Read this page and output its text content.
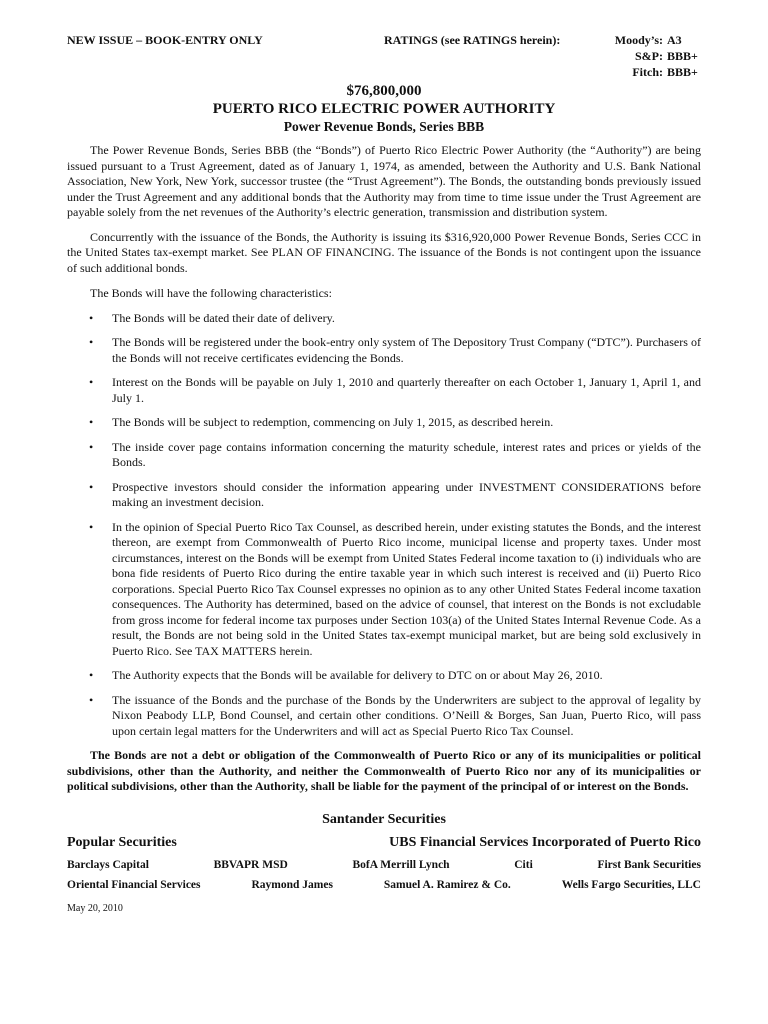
NEW ISSUE – BOOK-ENTRY ONLY	RATINGS (see RATINGS herein):	Moody’s: A3
S&P: BBB+
Fitch: BBB+
$76,800,000
PUERTO RICO ELECTRIC POWER AUTHORITY
Power Revenue Bonds, Series BBB

The Power Revenue Bonds, Series BBB (the “Bonds”) of Puerto Rico Electric Power Authority (the “Authority”) are being issued pursuant to a Trust Agreement, dated as of January 1, 1974, as amended, between the Authority and U.S. Bank National Association, New York, New York, successor trustee (the “Trust Agreement”). The Bonds, the outstanding bonds previously issued under the Trust Agreement and any additional bonds that the Authority may from time to time issue under the Trust Agreement are payable solely from the net revenues of the Authority’s electric generation, transmission and distribution system.

Concurrently with the issuance of the Bonds, the Authority is issuing its $316,920,000 Power Revenue Bonds, Series CCC in the United States tax-exempt market. See PLAN OF FINANCING. The issuance of the Bonds is not contingent upon the issuance of such additional bonds.

The Bonds will have the following characteristics:

• The Bonds will be dated their date of delivery.
• The Bonds will be registered under the book-entry only system of The Depository Trust Company (“DTC”). Purchasers of the Bonds will not receive certificates evidencing the Bonds.
• Interest on the Bonds will be payable on July 1, 2010 and quarterly thereafter on each October 1, January 1, April 1, and July 1.
• The Bonds will be subject to redemption, commencing on July 1, 2015, as described herein.
• The inside cover page contains information concerning the maturity schedule, interest rates and prices or yields of the Bonds.
• Prospective investors should consider the information appearing under INVESTMENT CONSIDERATIONS before making an investment decision.
• In the opinion of Special Puerto Rico Tax Counsel, as described herein, under existing statutes the Bonds, and the interest thereon, are exempt from Commonwealth of Puerto Rico income, municipal license and property taxes. Under most circumstances, interest on the Bonds will be exempt from United States Federal income taxation to (i) individuals who are bona fide residents of Puerto Rico during the entire taxable year in which such interest is received and (ii) Puerto Rico corporations. Special Puerto Rico Tax Counsel expresses no opinion as to any other United States Federal income taxation consequences. The Authority has determined, based on the advice of counsel, that interest on the Bonds is not excludable from gross income for federal income tax purposes under Section 103(a) of the United States Internal Revenue Code. As a result, the Bonds are not being sold in the United States tax-exempt municipal market, but are being sold exclusively in Puerto Rico. See TAX MATTERS herein.
• The Authority expects that the Bonds will be available for delivery to DTC on or about May 26, 2010.
• The issuance of the Bonds and the purchase of the Bonds by the Underwriters are subject to the approval of legality by Nixon Peabody LLP, Bond Counsel, and certain other conditions. O’Neill & Borges, San Juan, Puerto Rico, will pass upon certain legal matters for the Underwriters and will act as Special Puerto Rico Tax Counsel.
The Bonds are not a debt or obligation of the Commonwealth of Puerto Rico or any of its municipalities or political subdivisions, other than the Authority, and neither the Commonwealth of Puerto Rico nor any of its municipalities or political subdivisions, other than the Authority, shall be liable for the payment of the principal of or interest on the Bonds.
Santander Securities
Popular Securities	UBS Financial Services Incorporated of Puerto Rico
Barclays Capital	BBVAPR MSD	BofA Merrill Lynch	Citi	First Bank Securities
Oriental Financial Services	Raymond James	Samuel A. Ramirez & Co.	Wells Fargo Securities, LLC
May 20, 2010
